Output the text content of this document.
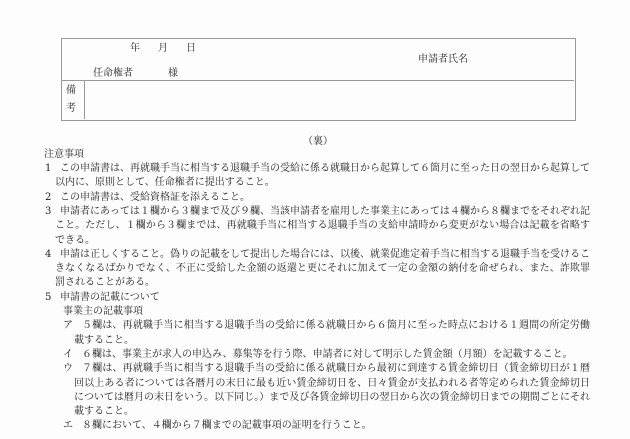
年 月 日
申請者氏名
任命権者	様
備
考
（裏）
注意事項
1 この申請書は、再就職手当に相当する退職手当の受給に係る就職日から起算して６箇月に至った日の翌日から起算して
以内に、原則として、任命権者に提出すること。
2 この申請書は、受給資格証を添えること。
3 申請者にあっては１欄から３欄まで及び９欄、当該申請者を雇用した事業主にあっては４欄から８欄までをそれぞれ記
こと。ただし、１欄から３欄までは、再就職手当に相当する退職手当の支給申請時から変更がない場合は記載を省略す
できる。
4 申請は正しくすること。偽りの記載をして提出した場合には、以後、就業促進定着手当に相当する退職手当を受けるこ
きなくなるばかりでなく、不正に受給した金額の返還と更にそれに加えて一定の金額の納付を命ぜられ、また、詐欺罪
罰されることがある。
5 申請書の記載について
事業主の記載事項
ア ５欄は、再就職手当に相当する退職手当の受給に係る就職日から６箇月に至った時点における１週間の所定労働
載すること。
イ ６欄は、事業主が求人の申込み、募集等を行う際、申請者に対して明示した賃金額（月額）を記載すること。
ウ ７欄は、再就職手当に相当する退職手当の受給に係る就職日から最初に到達する賃金締切日（賃金締切日が１暦
回以上ある者については各暦月の末日に最も近い賃金締切日を、日々賃金が支払われる者等定められた賃金締切日
については暦月の末日をいう。以下同じ。）まで及び各賃金締切日の翌日から次の賃金締切日までの期間ごとにそれ
載すること。
エ ８欄において、４欄から７欄までの記載事項の証明を行うこと。
